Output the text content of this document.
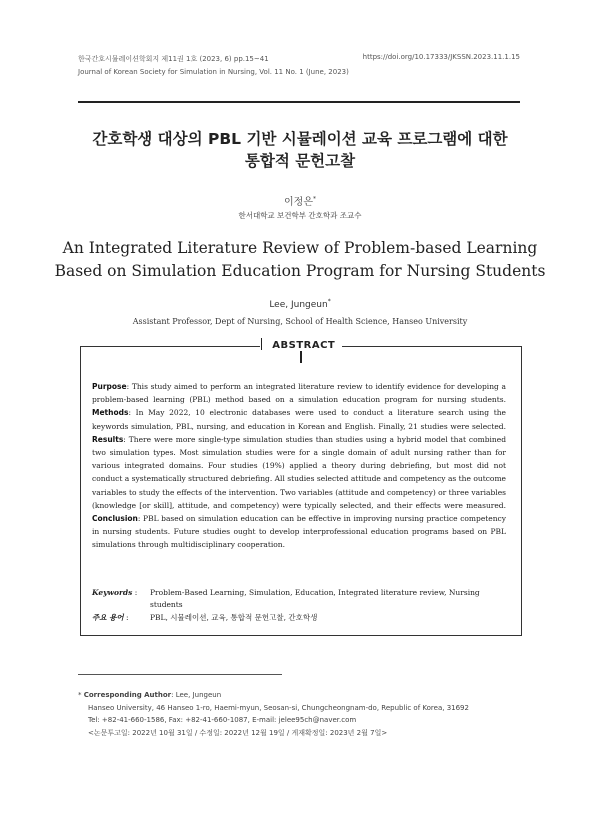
한국간호시뮬레이션학회지 제11권 1호 (2023, 6) pp.15~41
Journal of Korean Society for Simulation in Nursing, Vol. 11 No. 1 (June, 2023)
https://doi.org/10.17333/JKSSN.2023.11.1.15
간호학생 대상의 PBL 기반 시뮬레이션 교육 프로그램에 대한
통합적 문헌고찰
이정은*
한서대학교 보건학부 간호학과 조교수
An Integrated Literature Review of Problem-based Learning
Based on Simulation Education Program for Nursing Students
Lee, Jungeun*
Assistant Professor, Dept of Nursing, School of Health Science, Hanseo University
ABSTRACT
Purpose: This study aimed to perform an integrated literature review to identify evidence for developing a problem-based learning (PBL) method based on a simulation education program for nursing students. Methods: In May 2022, 10 electronic databases were used to conduct a literature search using the keywords simulation, PBL, nursing, and education in Korean and English. Finally, 21 studies were selected. Results: There were more single-type simulation studies than studies using a hybrid model that combined two simulation types. Most simulation studies were for a single domain of adult nursing rather than for various integrated domains. Four studies (19%) applied a theory during debriefing, but most did not conduct a systematically structured debriefing. All studies selected attitude and competency as the outcome variables to study the effects of the intervention. Two variables (attitude and competency) or three variables (knowledge [or skill], attitude, and competency) were typically selected, and their effects were measured. Conclusion: PBL based on simulation education can be effective in improving nursing practice competency in nursing students. Future studies ought to develop interprofessional education programs based on PBL simulations through multidisciplinary cooperation.
Keywords : Problem-Based Learning, Simulation, Education, Integrated literature review, Nursing students
주요 용어 :	PBL, 시뮬레이션, 교육, 통합적 문헌고찰, 간호학생
* Corresponding Author: Lee, Jungeun
Hanseo University, 46 Hanseo 1-ro, Haemi-myun, Seosan-si, Chungcheongnam-do, Republic of Korea, 31692
Tel: +82-41-660-1586, Fax: +82-41-660-1087, E-mail: jelee95ch@naver.com
<논문투고일: 2022년 10월 31일 / 수정일: 2022년 12월 19일 / 게재확정일: 2023년 2월 7일>
